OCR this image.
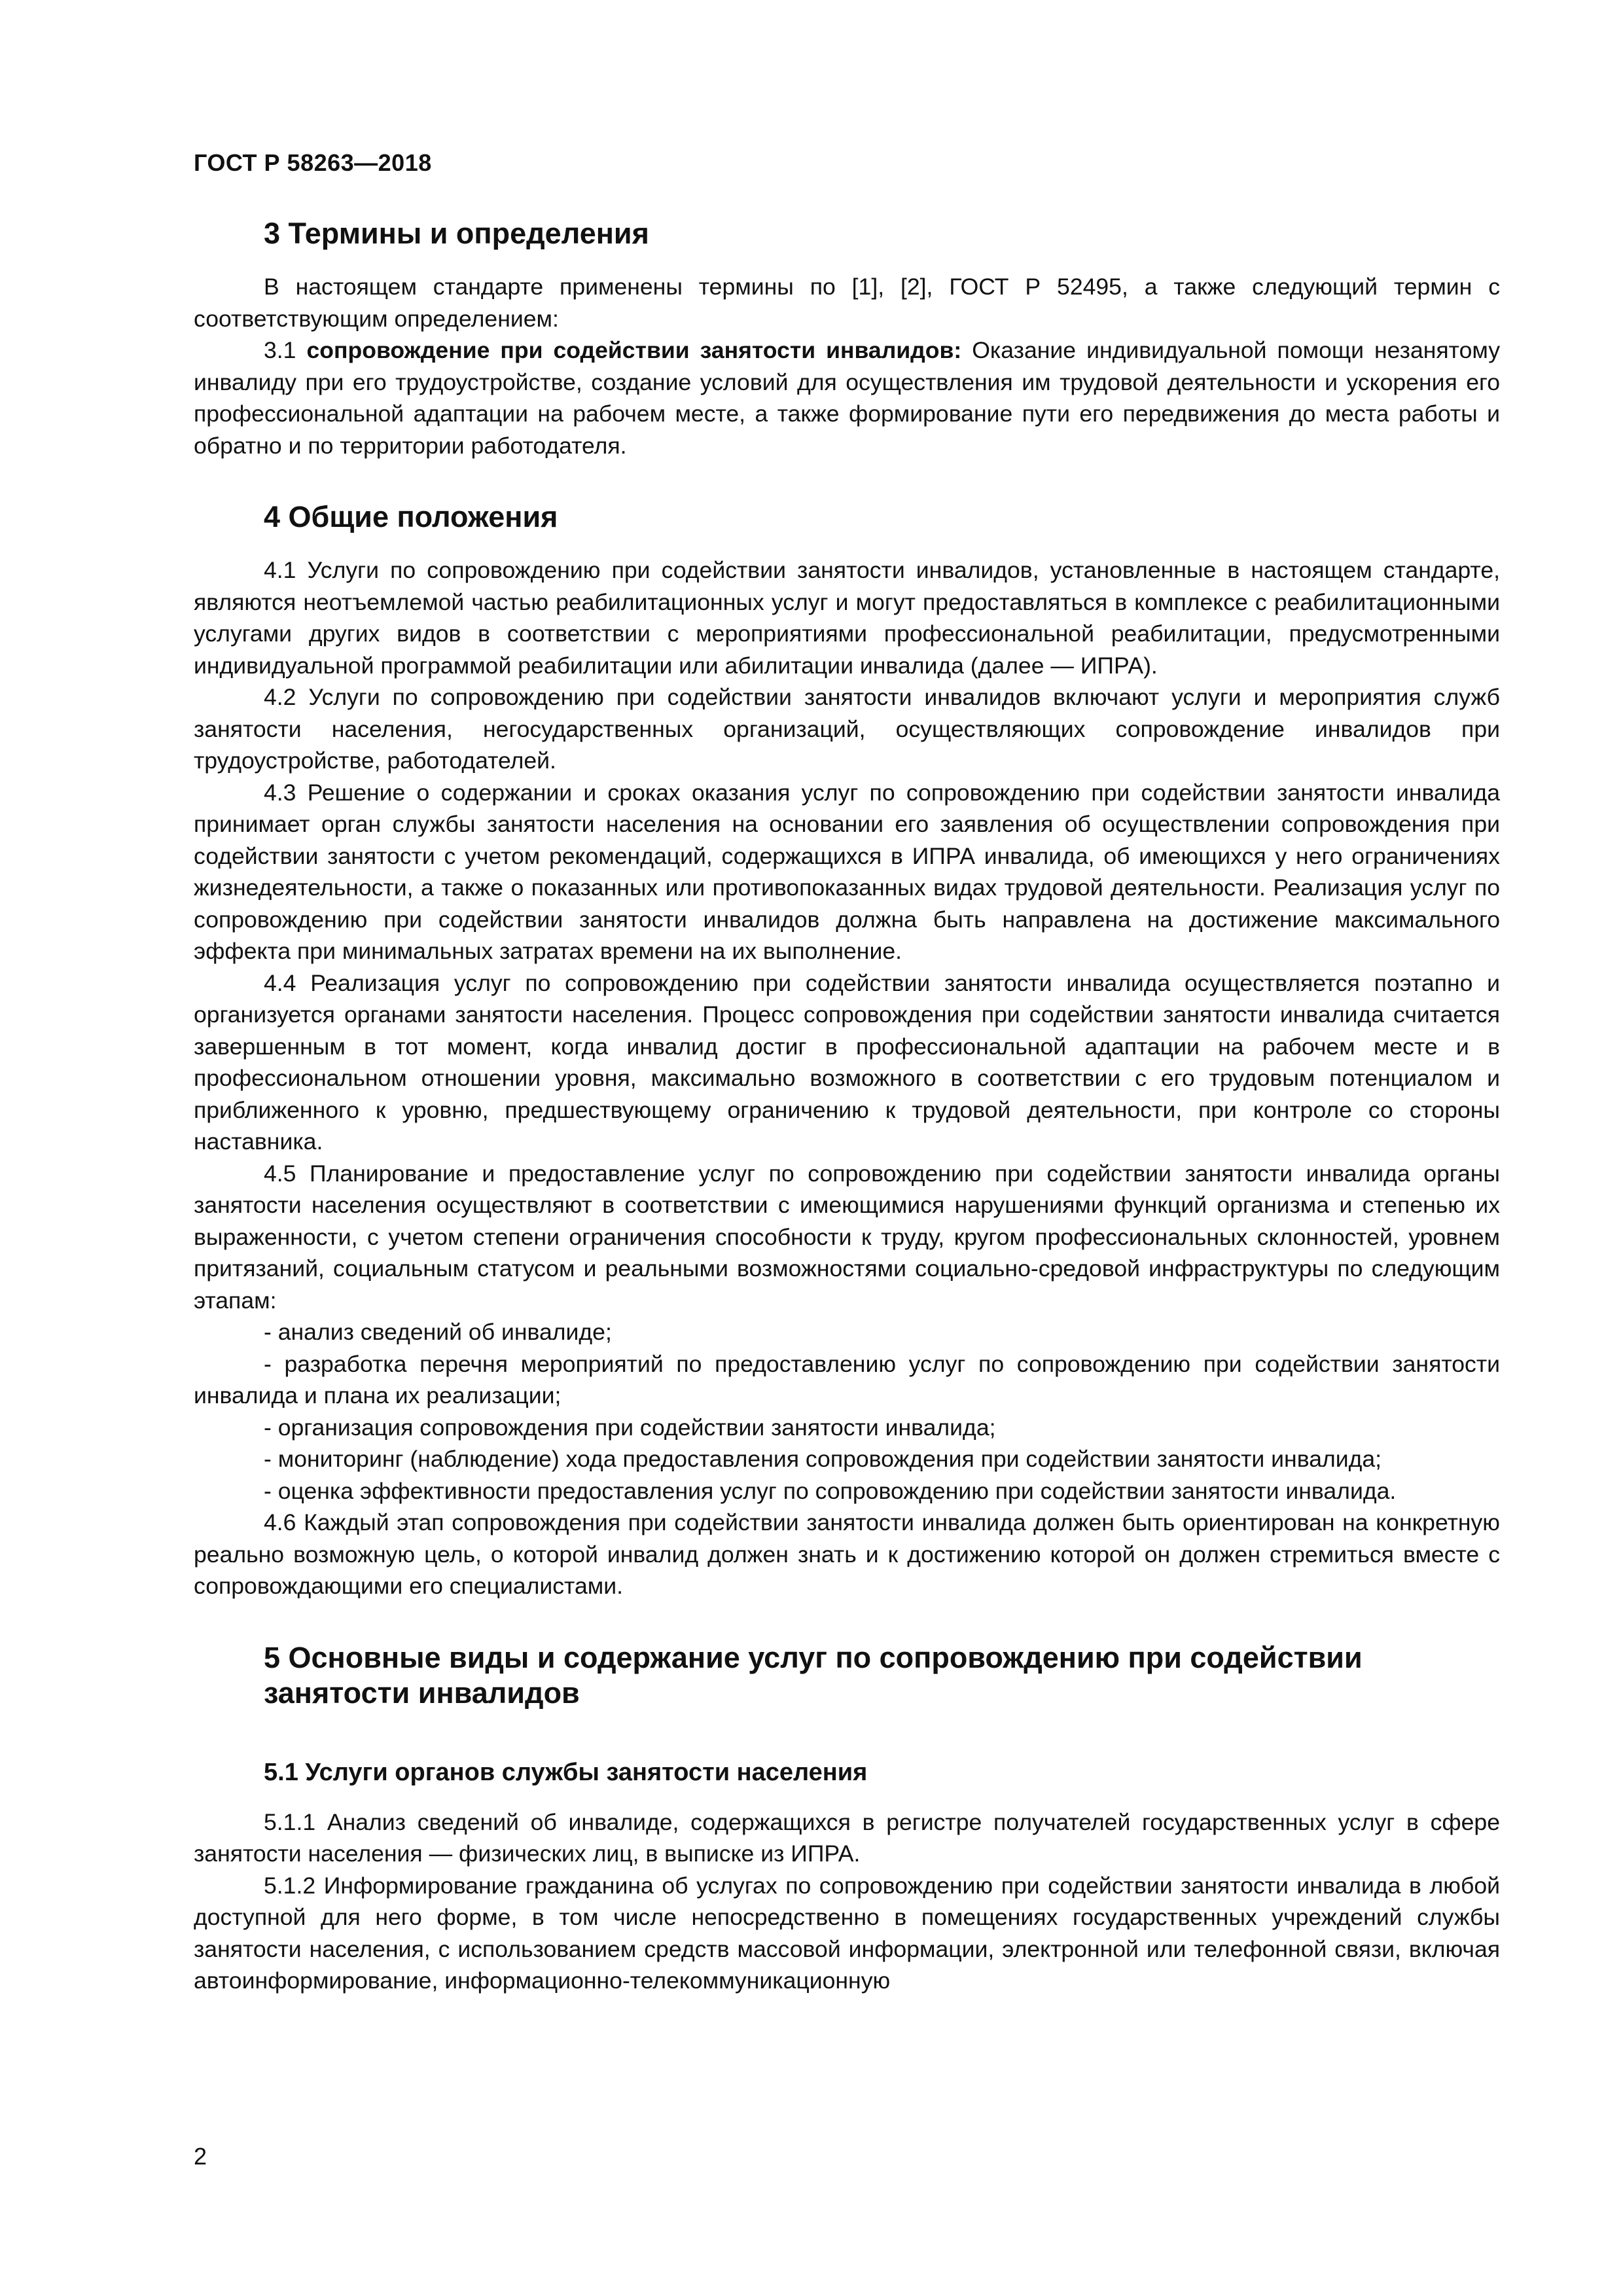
ГОСТ Р 58263—2018
3 Термины и определения

В настоящем стандарте применены термины по [1], [2], ГОСТ Р 52495, а также следующий термин с соответствующим определением:

3.1 сопровождение при содействии занятости инвалидов: Оказание индивидуальной помощи незанятому инвалиду при его трудоустройстве, создание условий для осуществления им трудовой деятельности и ускорения его профессиональной адаптации на рабочем месте, а также формирование пути его передвижения до места работы и обратно и по территории работодателя.

4 Общие положения

4.1 Услуги по сопровождению при содействии занятости инвалидов, установленные в настоящем стандарте, являются неотъемлемой частью реабилитационных услуг и могут предоставляться в комплексе с реабилитационными услугами других видов в соответствии с мероприятиями профессиональной реабилитации, предусмотренными индивидуальной программой реабилитации или абилитации инвалида (далее — ИПРА).

4.2 Услуги по сопровождению при содействии занятости инвалидов включают услуги и мероприятия служб занятости населения, негосударственных организаций, осуществляющих сопровождение инвалидов при трудоустройстве, работодателей.

4.3 Решение о содержании и сроках оказания услуг по сопровождению при содействии занятости инвалида принимает орган службы занятости населения на основании его заявления об осуществлении сопровождения при содействии занятости с учетом рекомендаций, содержащихся в ИПРА инвалида, об имеющихся у него ограничениях жизнедеятельности, а также о показанных или противопоказанных видах трудовой деятельности. Реализация услуг по сопровождению при содействии занятости инвалидов должна быть направлена на достижение максимального эффекта при минимальных затратах времени на их выполнение.

4.4 Реализация услуг по сопровождению при содействии занятости инвалида осуществляется поэтапно и организуется органами занятости населения. Процесс сопровождения при содействии занятости инвалида считается завершенным в тот момент, когда инвалид достиг в профессиональной адаптации на рабочем месте и в профессиональном отношении уровня, максимально возможного в соответствии с его трудовым потенциалом и приближенного к уровню, предшествующему ограничению к трудовой деятельности, при контроле со стороны наставника.

4.5 Планирование и предоставление услуг по сопровождению при содействии занятости инвалида органы занятости населения осуществляют в соответствии с имеющимися нарушениями функций организма и степенью их выраженности, с учетом степени ограничения способности к труду, кругом профессиональных склонностей, уровнем притязаний, социальным статусом и реальными возможностями социально-средовой инфраструктуры по следующим этапам:

- анализ сведений об инвалиде;

- разработка перечня мероприятий по предоставлению услуг по сопровождению при содействии занятости инвалида и плана их реализации;

- организация сопровождения при содействии занятости инвалида;

- мониторинг (наблюдение) хода предоставления сопровождения при содействии занятости инвалида;

- оценка эффективности предоставления услуг по сопровождению при содействии занятости инвалида.

4.6 Каждый этап сопровождения при содействии занятости инвалида должен быть ориентирован на конкретную реально возможную цель, о которой инвалид должен знать и к достижению которой он должен стремиться вместе с сопровождающими его специалистами.

5 Основные виды и содержание услуг по сопровождению при содействии
занятости инвалидов
5.1 Услуги органов службы занятости населения

5.1.1 Анализ сведений об инвалиде, содержащихся в регистре получателей государственных услуг в сфере занятости населения — физических лиц, в выписке из ИПРА.

5.1.2 Информирование гражданина об услугах по сопровождению при содействии занятости инвалида в любой доступной для него форме, в том числе непосредственно в помещениях государственных учреждений службы занятости населения, с использованием средств массовой информации, электронной или телефонной связи, включая автоинформирование, информационно-телекоммуникационную

2
